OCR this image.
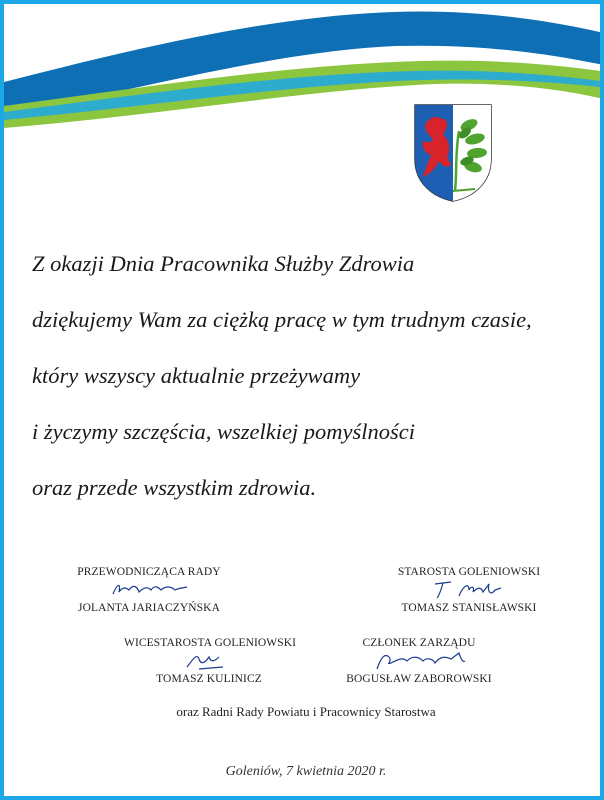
Z okazji Dnia Pracownika Służby Zdrowia
dziękujemy Wam za ciężką pracę w tym trudnym czasie,
który wszyscy aktualnie przeżywamy
i życzymy szczęścia, wszelkiej pomyślności
oraz przede wszystkim zdrowia.
PRZEWODNICZĄCA RADY
JOLANTA JARIACZYŃSKA
STAROSTA GOLENIOWSKI
TOMASZ STANISŁAWSKI
WICESTAROSTA GOLENIOWSKI
TOMASZ KULINICZ
CZŁONEK ZARZĄDU
BOGUSŁAW ZABOROWSKI
oraz Radni Rady Powiatu i Pracownicy Starostwa
Goleniów, 7 kwietnia 2020 r.
